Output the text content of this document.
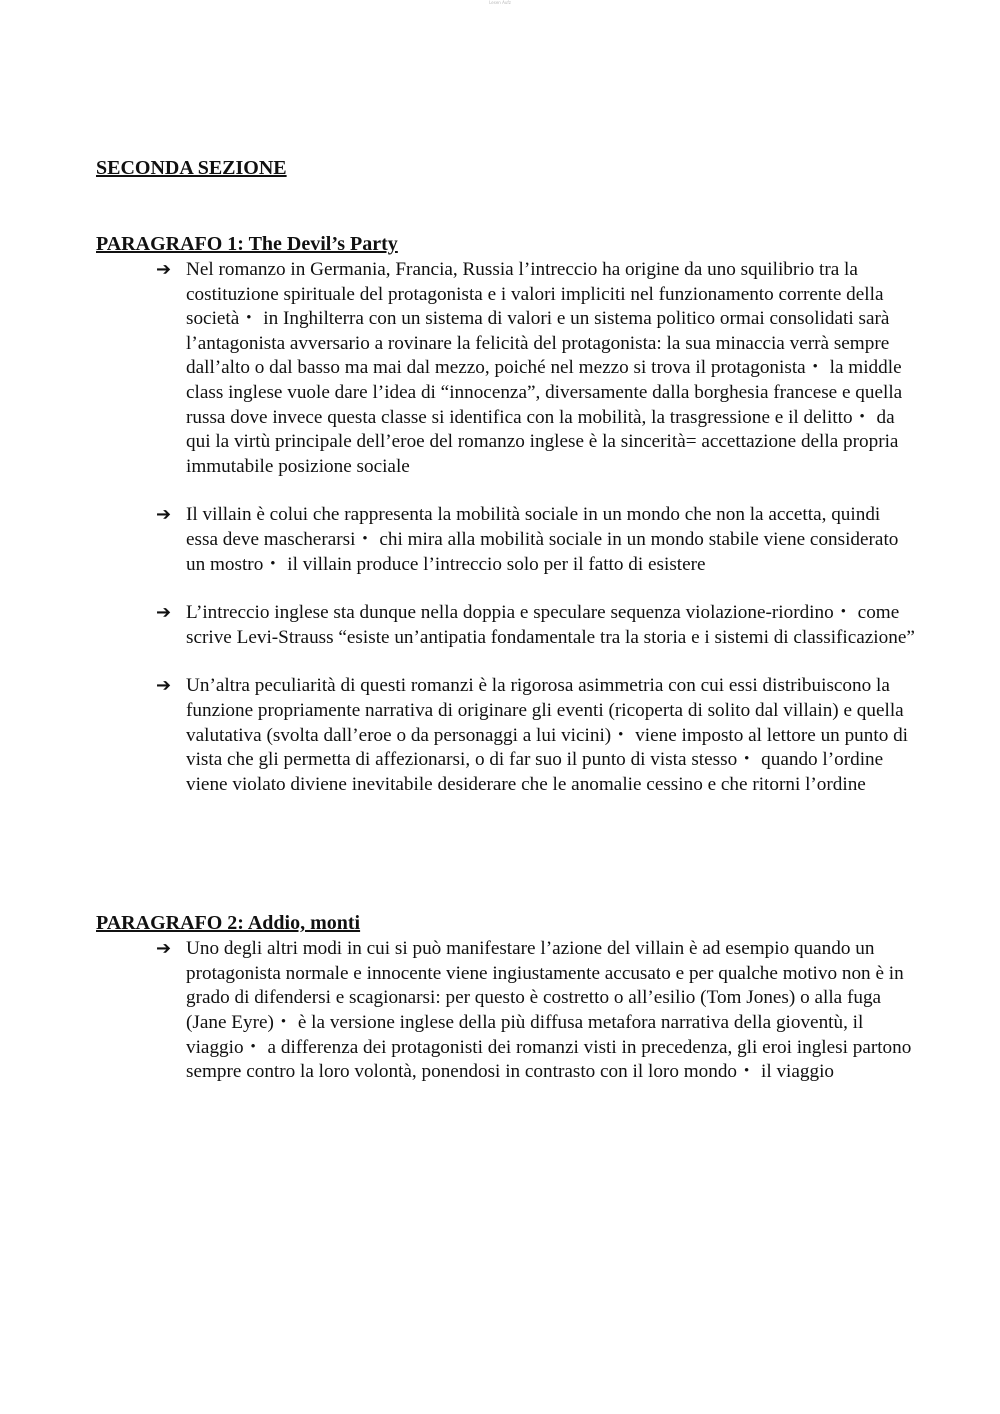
Lesen Aufz
SECONDA SEZIONE
PARAGRAFO 1: The Devil’s Party
➔ Nel romanzo in Germania, Francia, Russia l’intreccio ha origine da uno squilibrio tra la costituzione spirituale del protagonista e i valori impliciti nel funzionamento corrente della società・ in Inghilterra con un sistema di valori e un sistema politico ormai consolidati sarà l’antagonista avversario a rovinare la felicità del protagonista: la sua minaccia verrà sempre dall’alto o dal basso ma mai dal mezzo, poiché nel mezzo si trova il protagonista・ la middle class inglese vuole dare l’idea di “innocenza”, diversamente dalla borghesia francese e quella russa dove invece questa classe si identifica con la mobilità, la trasgressione e il delitto・ da qui la virtù principale dell’eroe del romanzo inglese è la sincerità= accettazione della propria immutabile posizione sociale
➔ Il villain è colui che rappresenta la mobilità sociale in un mondo che non la accetta, quindi essa deve mascherarsi・ chi mira alla mobilità sociale in un mondo stabile viene considerato un mostro・ il villain produce l’intreccio solo per il fatto di esistere
➔ L’intreccio inglese sta dunque nella doppia e speculare sequenza violazione-riordino・ come scrive Levi-Strauss “esiste un’antipatia fondamentale tra la storia e i sistemi di classificazione”
➔ Un’altra peculiarità di questi romanzi è la rigorosa asimmetria con cui essi distribuiscono la funzione propriamente narrativa di originare gli eventi (ricoperta di solito dal villain) e quella valutativa (svolta dall’eroe o da personaggi a lui vicini)・ viene imposto al lettore un punto di vista che gli permetta di affezionarsi, o di far suo il punto di vista stesso・ quando l’ordine viene violato diviene inevitabile desiderare che le anomalie cessino e che ritorni l’ordine
PARAGRAFO 2: Addio, monti
➔ Uno degli altri modi in cui si può manifestare l’azione del villain è ad esempio quando un protagonista normale e innocente viene ingiustamente accusato e per qualche motivo non è in grado di difendersi e scagionarsi: per questo è costretto o all’esilio (Tom Jones) o alla fuga (Jane Eyre)・ è la versione inglese della più diffusa metafora narrativa della gioventù, il viaggio・ a differenza dei protagonisti dei romanzi visti in precedenza, gli eroi inglesi partono sempre contro la loro volontà, ponendosi in contrasto con il loro mondo・ il viaggio
